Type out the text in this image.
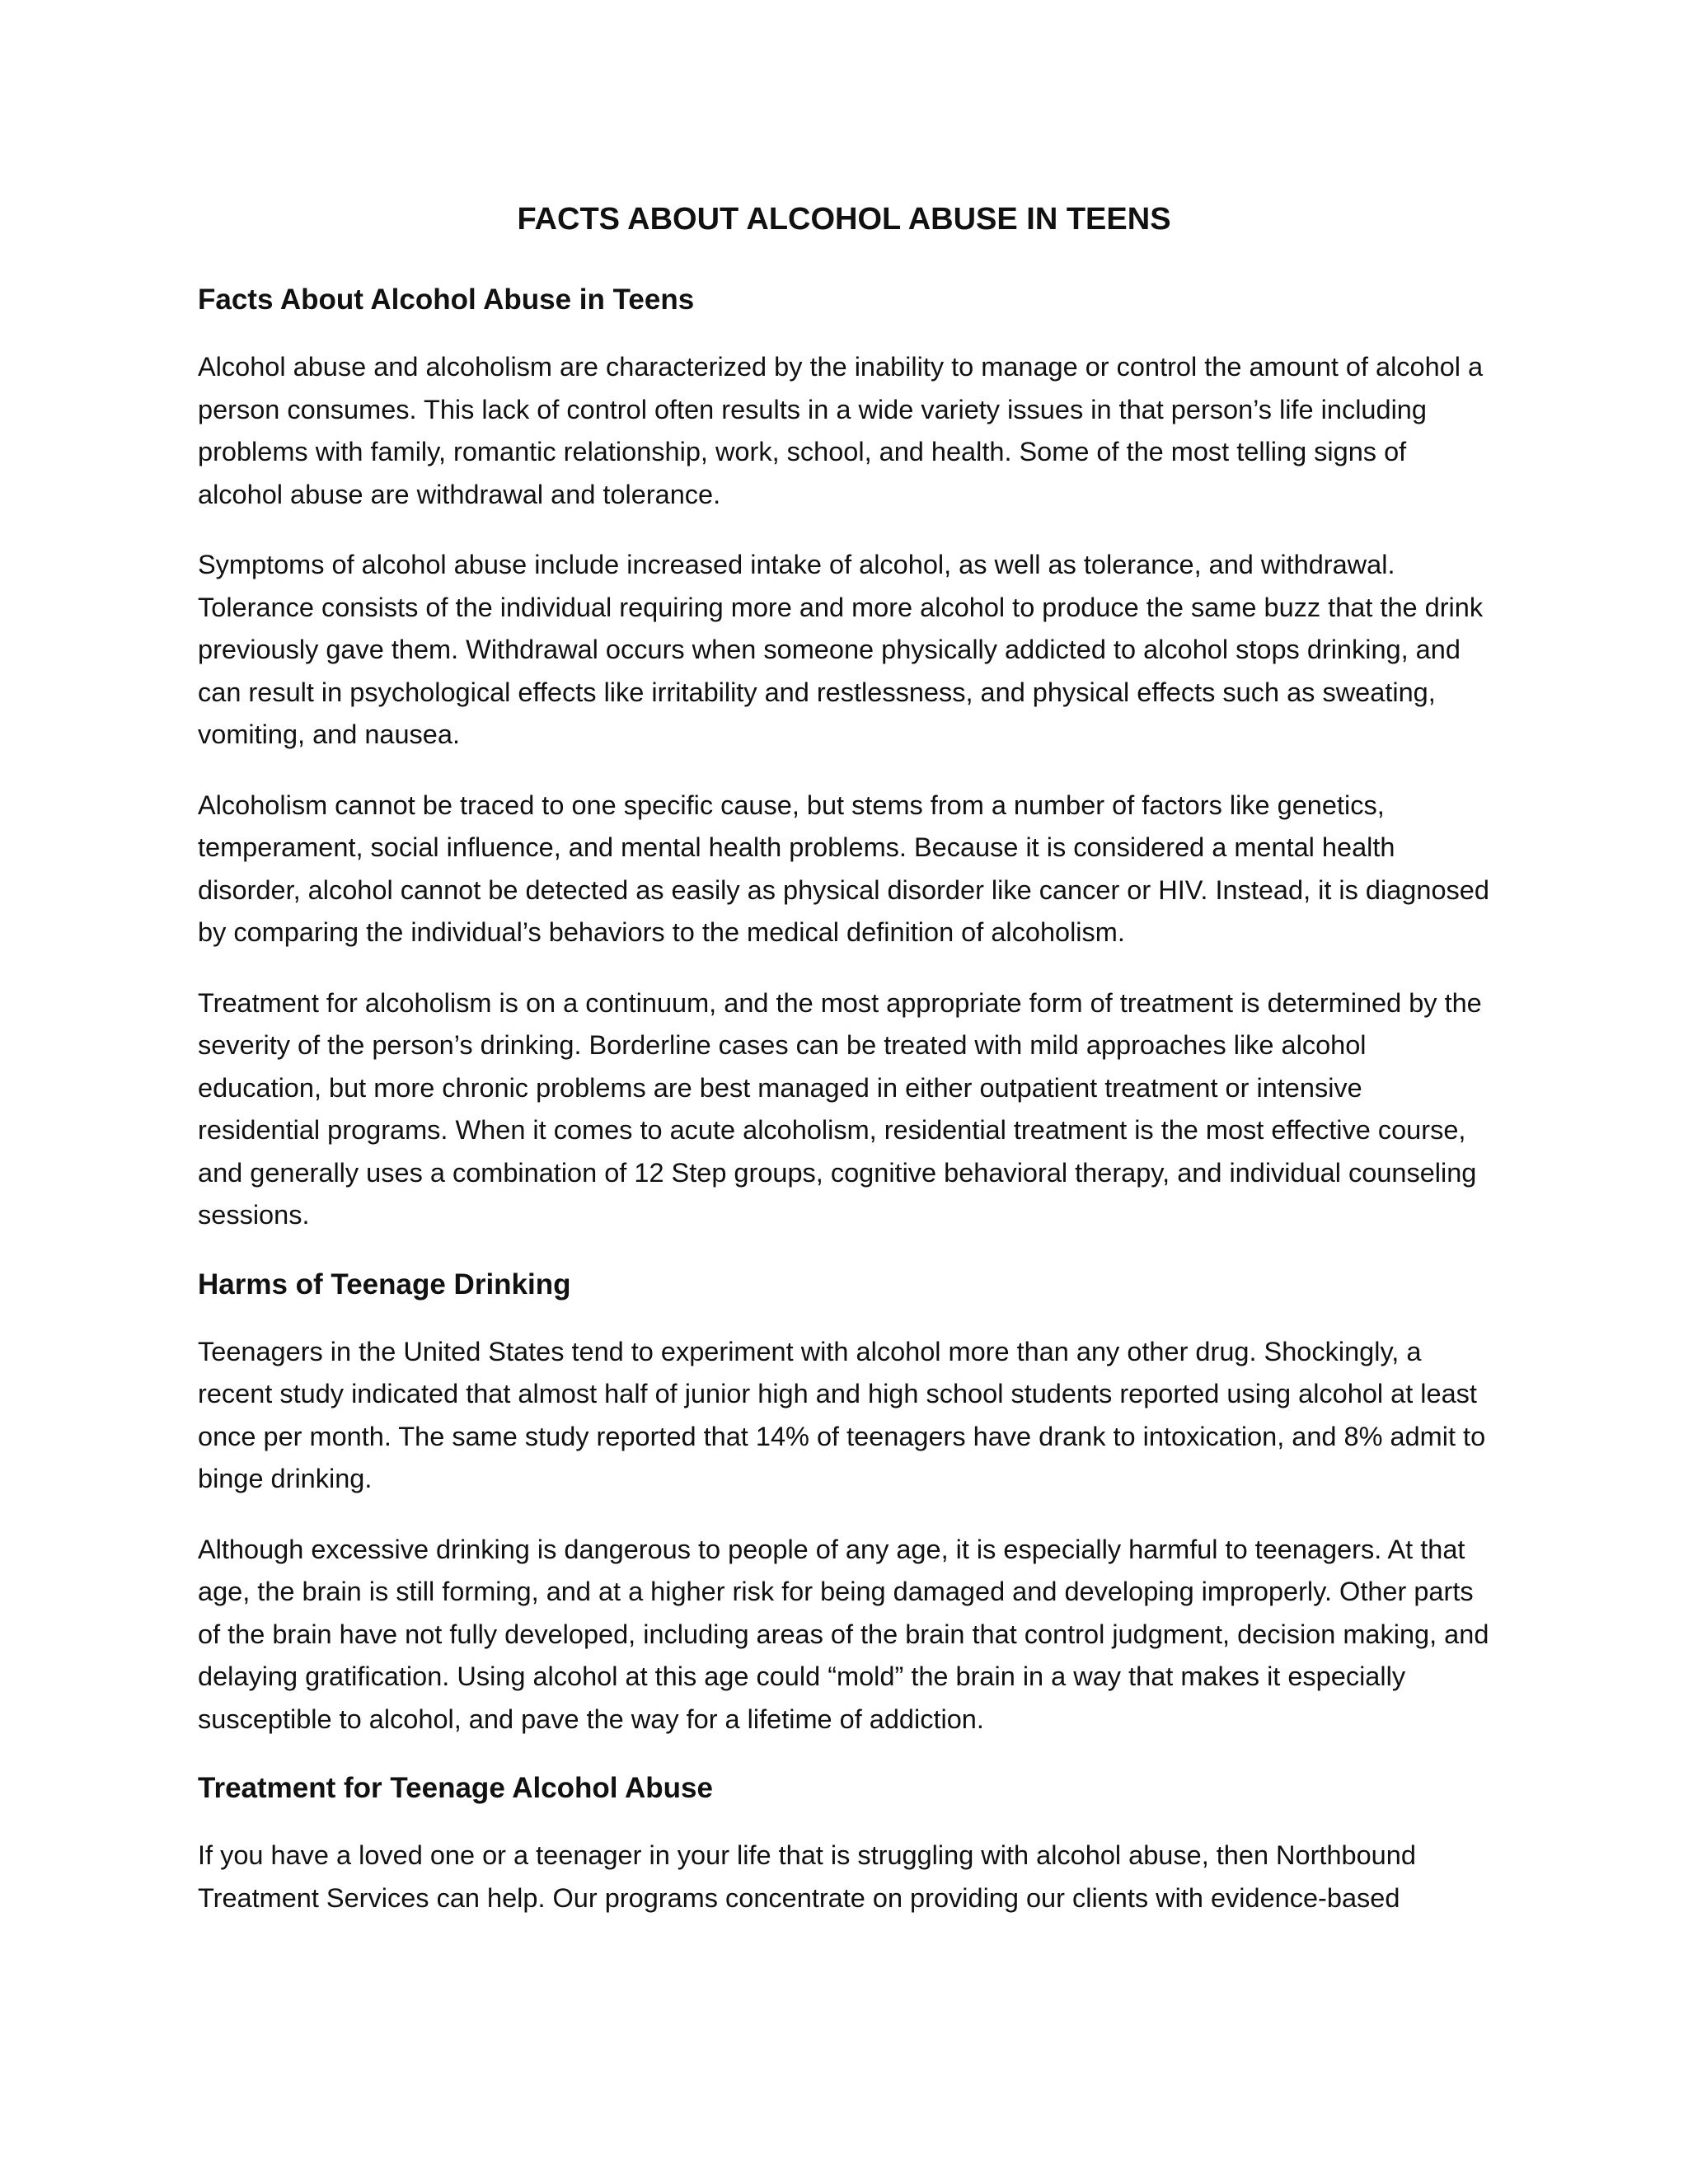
FACTS ABOUT ALCOHOL ABUSE IN TEENS
Facts About Alcohol Abuse in Teens

Alcohol abuse and alcoholism are characterized by the inability to manage or control the amount of alcohol a person consumes. This lack of control often results in a wide variety issues in that person’s life including problems with family, romantic relationship, work, school, and health. Some of the most telling signs of alcohol abuse are withdrawal and tolerance.

Symptoms of alcohol abuse include increased intake of alcohol, as well as tolerance, and withdrawal. Tolerance consists of the individual requiring more and more alcohol to produce the same buzz that the drink previously gave them. Withdrawal occurs when someone physically addicted to alcohol stops drinking, and can result in psychological effects like irritability and restlessness, and physical effects such as sweating, vomiting, and nausea.

Alcoholism cannot be traced to one specific cause, but stems from a number of factors like genetics, temperament, social influence, and mental health problems. Because it is considered a mental health disorder, alcohol cannot be detected as easily as physical disorder like cancer or HIV. Instead, it is diagnosed by comparing the individual’s behaviors to the medical definition of alcoholism.

Treatment for alcoholism is on a continuum, and the most appropriate form of treatment is determined by the severity of the person’s drinking. Borderline cases can be treated with mild approaches like alcohol education, but more chronic problems are best managed in either outpatient treatment or intensive residential programs. When it comes to acute alcoholism, residential treatment is the most effective course, and generally uses a combination of 12 Step groups, cognitive behavioral therapy, and individual counseling sessions.

Harms of Teenage Drinking

Teenagers in the United States tend to experiment with alcohol more than any other drug. Shockingly, a recent study indicated that almost half of junior high and high school students reported using alcohol at least once per month. The same study reported that 14% of teenagers have drank to intoxication, and 8% admit to binge drinking.

Although excessive drinking is dangerous to people of any age, it is especially harmful to teenagers. At that age, the brain is still forming, and at a higher risk for being damaged and developing improperly. Other parts of the brain have not fully developed, including areas of the brain that control judgment, decision making, and delaying gratification. Using alcohol at this age could “mold” the brain in a way that makes it especially susceptible to alcohol, and pave the way for a lifetime of addiction.

Treatment for Teenage Alcohol Abuse

If you have a loved one or a teenager in your life that is struggling with alcohol abuse, then Northbound Treatment Services can help. Our programs concentrate on providing our clients with evidence-based
